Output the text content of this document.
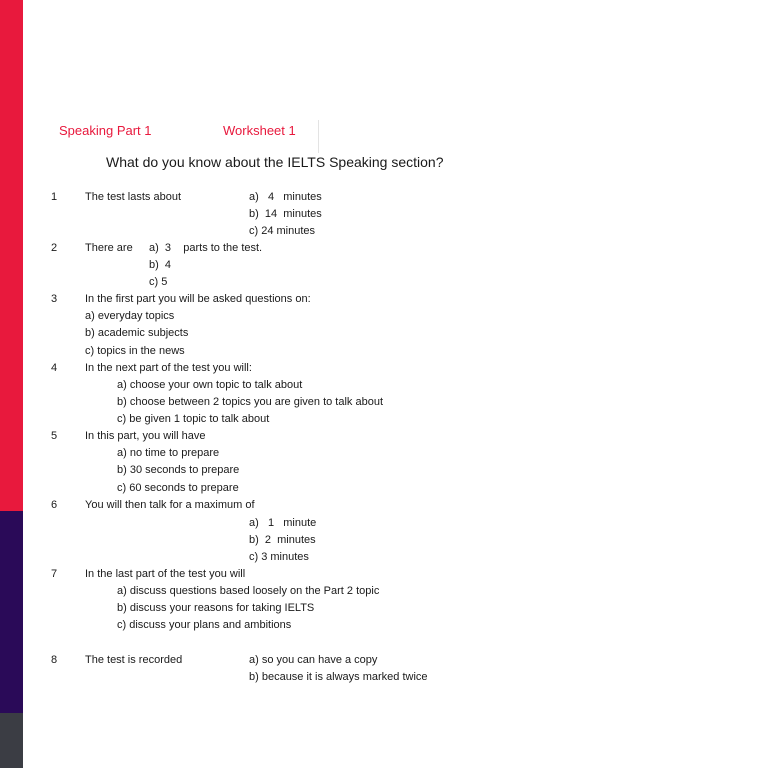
Speaking Part 1	Worksheet 1
What do you know about the IELTS Speaking section?
1	The test lasts about	a)   4   minutes
b)  14  minutes
c) 24 minutes
2	There are a)  3    parts to the test.
b)  4
c) 5
3	In the first part you will be asked questions on:
a) everyday topics
b) academic subjects
c) topics in the news
4	In the next part of the test you will:
a) choose your own topic to talk about
b) choose between 2 topics you are given to talk about
c) be given 1 topic to talk about
5	In this part, you will have
a) no time to prepare
b) 30 seconds to prepare
c) 60 seconds to prepare
6	You will then talk for a maximum of
a)   1   minute
b)  2  minutes
c) 3 minutes
7	In the last part of the test you will
a) discuss questions based loosely on the Part 2 topic
b) discuss your reasons for taking IELTS
c) discuss your plans and ambitions
8	The test is recorded	a) so you can have a copy
b) because it is always marked twice
